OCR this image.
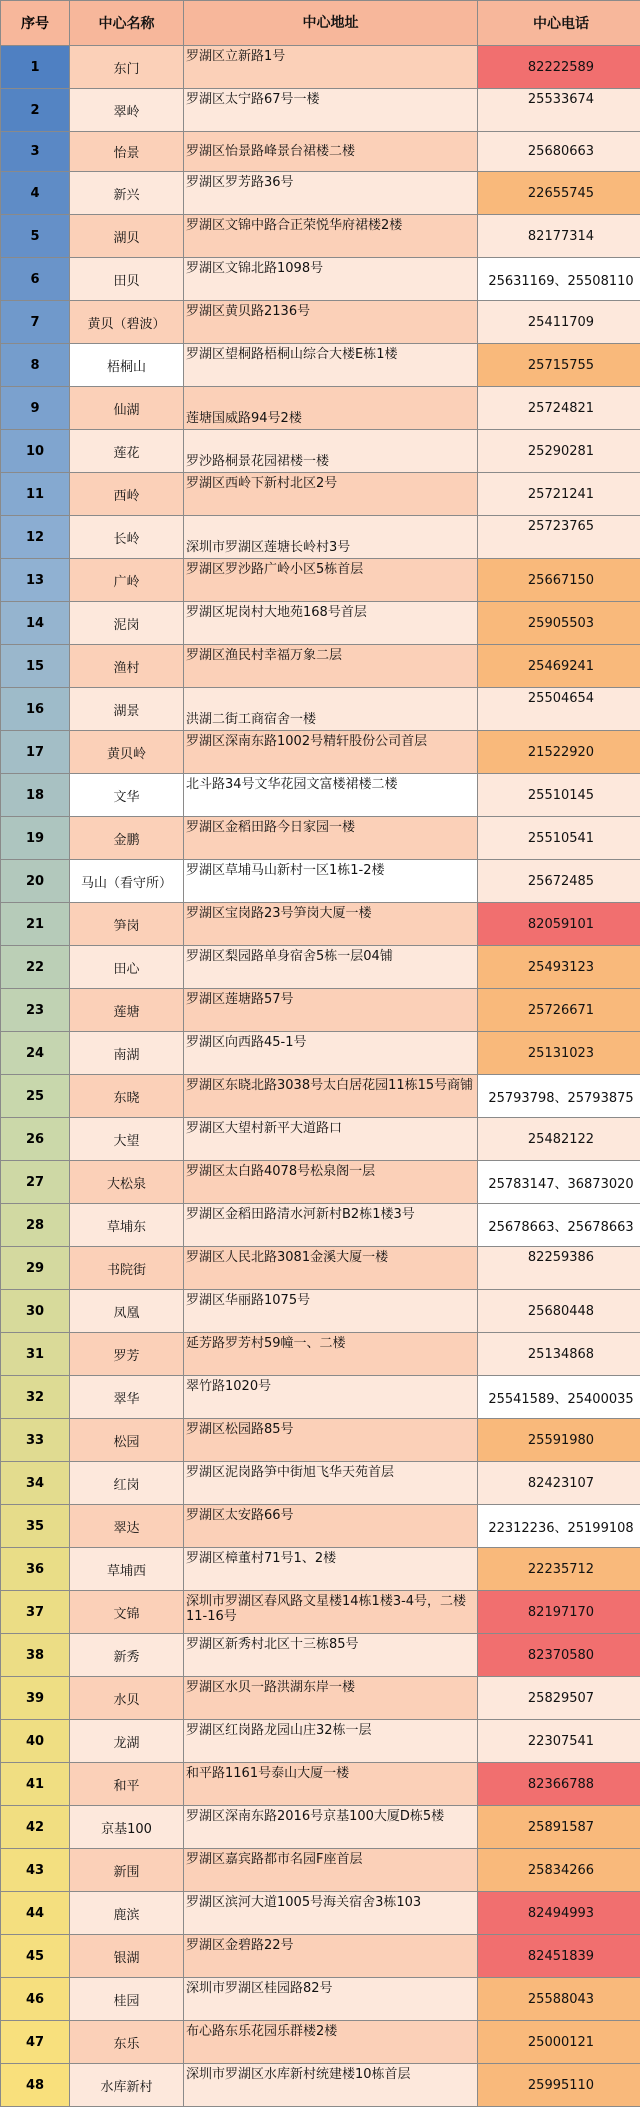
序号	中心名称	中心地址	中心电话
1	东门	罗湖区立新路1号	82222589
2	翠岭	罗湖区太宁路67号一楼	25533674
3	怡景	罗湖区怡景路峰景台裙楼二楼	25680663
4	新兴	罗湖区罗芳路36号	22655745
5	湖贝	罗湖区文锦中路合正荣悦华府裙楼2楼	82177314
6	田贝	罗湖区文锦北路1098号	25631169、25508110
7	黄贝（碧波）	罗湖区黄贝路2136号	25411709
8	梧桐山	罗湖区望桐路梧桐山综合大楼E栋1楼	25715755
9	仙湖	莲塘国威路94号2楼	25724821
10	莲花	罗沙路桐景花园裙楼一楼	25290281
11	西岭	罗湖区西岭下新村北区2号	25721241
12	长岭	深圳市罗湖区莲塘长岭村3号	25723765
13	广岭	罗湖区罗沙路广岭小区5栋首层	25667150
14	泥岗	罗湖区坭岗村大地苑168号首层	25905503
15	渔村	罗湖区渔民村幸福万象二层	25469241
16	湖景	洪湖二街工商宿舍一楼	25504654
17	黄贝岭	罗湖区深南东路1002号精轩股份公司首层	21522920
18	文华	北斗路34号文华花园文富楼裙楼二楼	25510145
19	金鹏	罗湖区金稻田路今日家园一楼	25510541
20	马山（看守所）	罗湖区草埔马山新村一区1栋1-2楼	25672485
21	笋岗	罗湖区宝岗路23号笋岗大厦一楼	82059101
22	田心	罗湖区梨园路单身宿舍5栋一层04铺	25493123
23	莲塘	罗湖区莲塘路57号	25726671
24	南湖	罗湖区向西路45-1号	25131023
25	东晓	罗湖区东晓北路3038号太白居花园11栋15号商铺	25793798、25793875
26	大望	罗湖区大望村新平大道路口	25482122
27	大松泉	罗湖区太白路4078号松泉阁一层	25783147、36873020
28	草埔东	罗湖区金稻田路清水河新村B2栋1楼3号	25678663、25678663
29	书院街	罗湖区人民北路3081金溪大厦一楼	82259386
30	凤凰	罗湖区华丽路1075号	25680448
31	罗芳	延芳路罗芳村59幢一、二楼	25134868
32	翠华	翠竹路1020号	25541589、25400035
33	松园	罗湖区松园路85号	25591980
34	红岗	罗湖区泥岗路笋中街旭飞华天苑首层	82423107
35	翠达	罗湖区太安路66号	22312236、25199108
36	草埔西	罗湖区樟董村71号1、2楼	22235712
37	文锦	深圳市罗湖区春风路文星楼14栋1楼3-4号，二楼11-16号	82197170
38	新秀	罗湖区新秀村北区十三栋85号	82370580
39	水贝	罗湖区水贝一路洪湖东岸一楼	25829507
40	龙湖	罗湖区红岗路龙园山庄32栋一层	22307541
41	和平	和平路1161号泰山大厦一楼	82366788
42	京基100	罗湖区深南东路2016号京基100大厦D栋5楼	25891587
43	新围	罗湖区嘉宾路都市名园F座首层	25834266
44	鹿滨	罗湖区滨河大道1005号海关宿舍3栋103	82494993
45	银湖	罗湖区金碧路22号	82451839
46	桂园	深圳市罗湖区桂园路82号	25588043
47	东乐	布心路东乐花园乐群楼2楼	25000121
48	水库新村	深圳市罗湖区水库新村统建楼10栋首层	25995110
